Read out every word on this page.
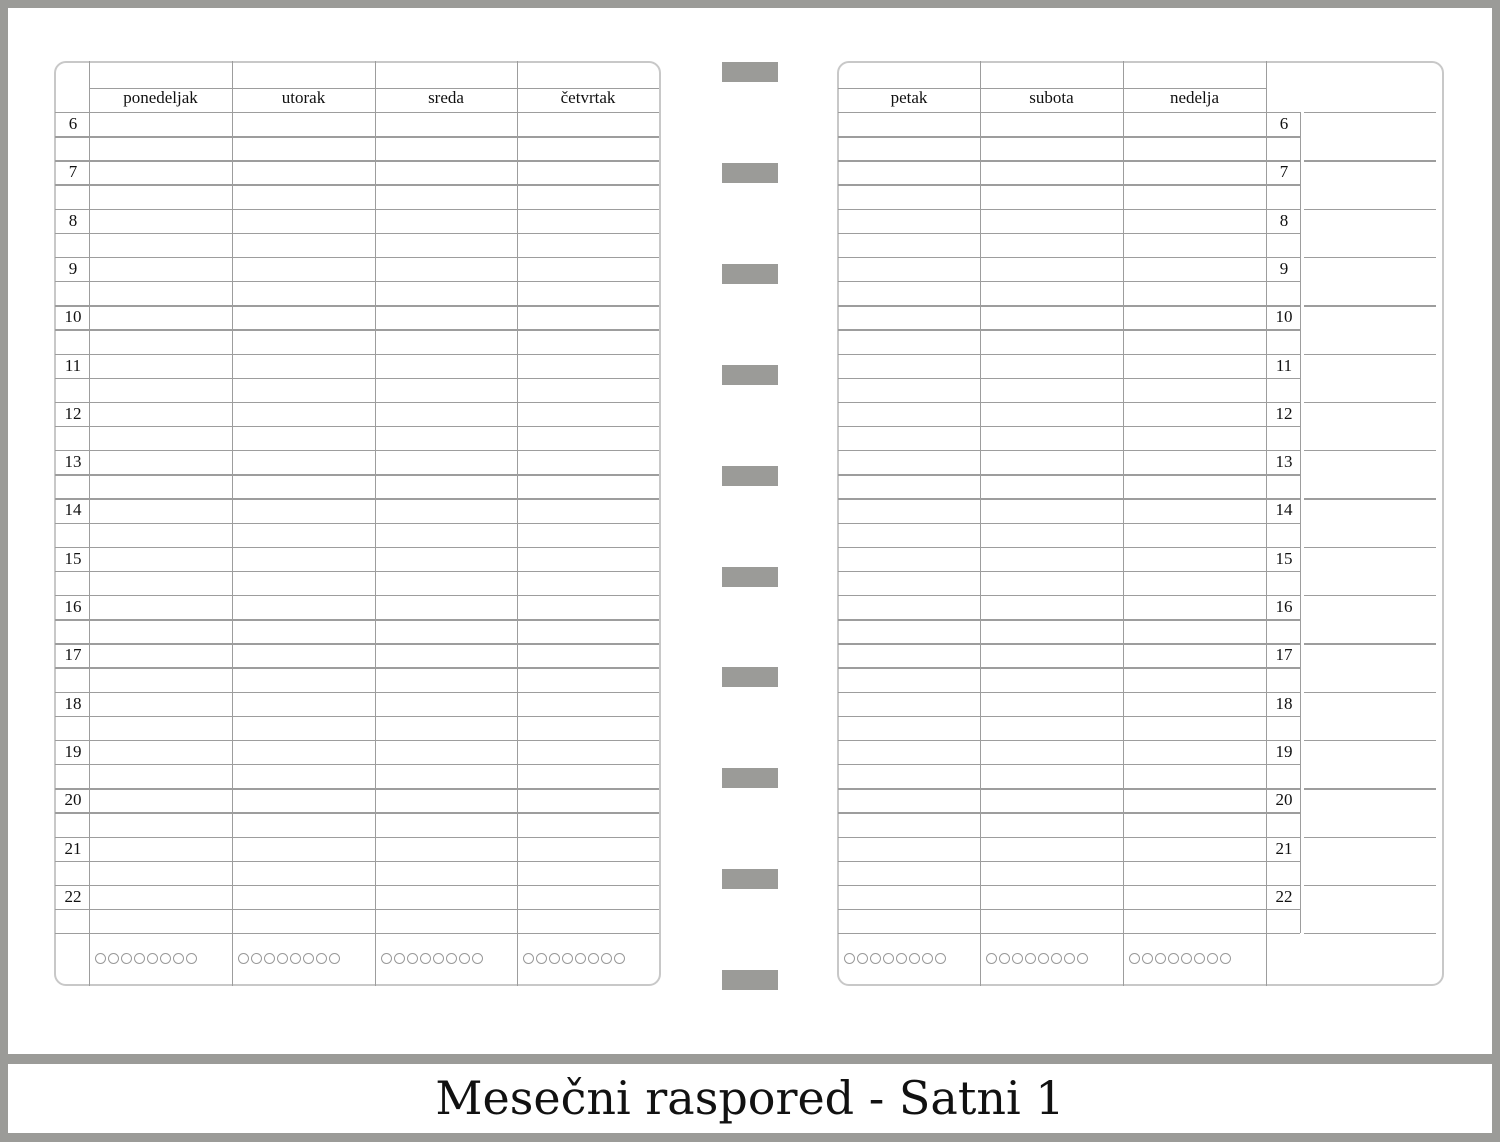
Mesečni raspored - Satni 1
ponedeljak	utorak	sreda	četvrtak
6
7
8
9
10
11
12
13
14
15
16
17
18
19
20
21
22
petak	subota	nedelja
6
7
8
9
10
11
12
13
14
15
16
17
18
19
20
21
22
